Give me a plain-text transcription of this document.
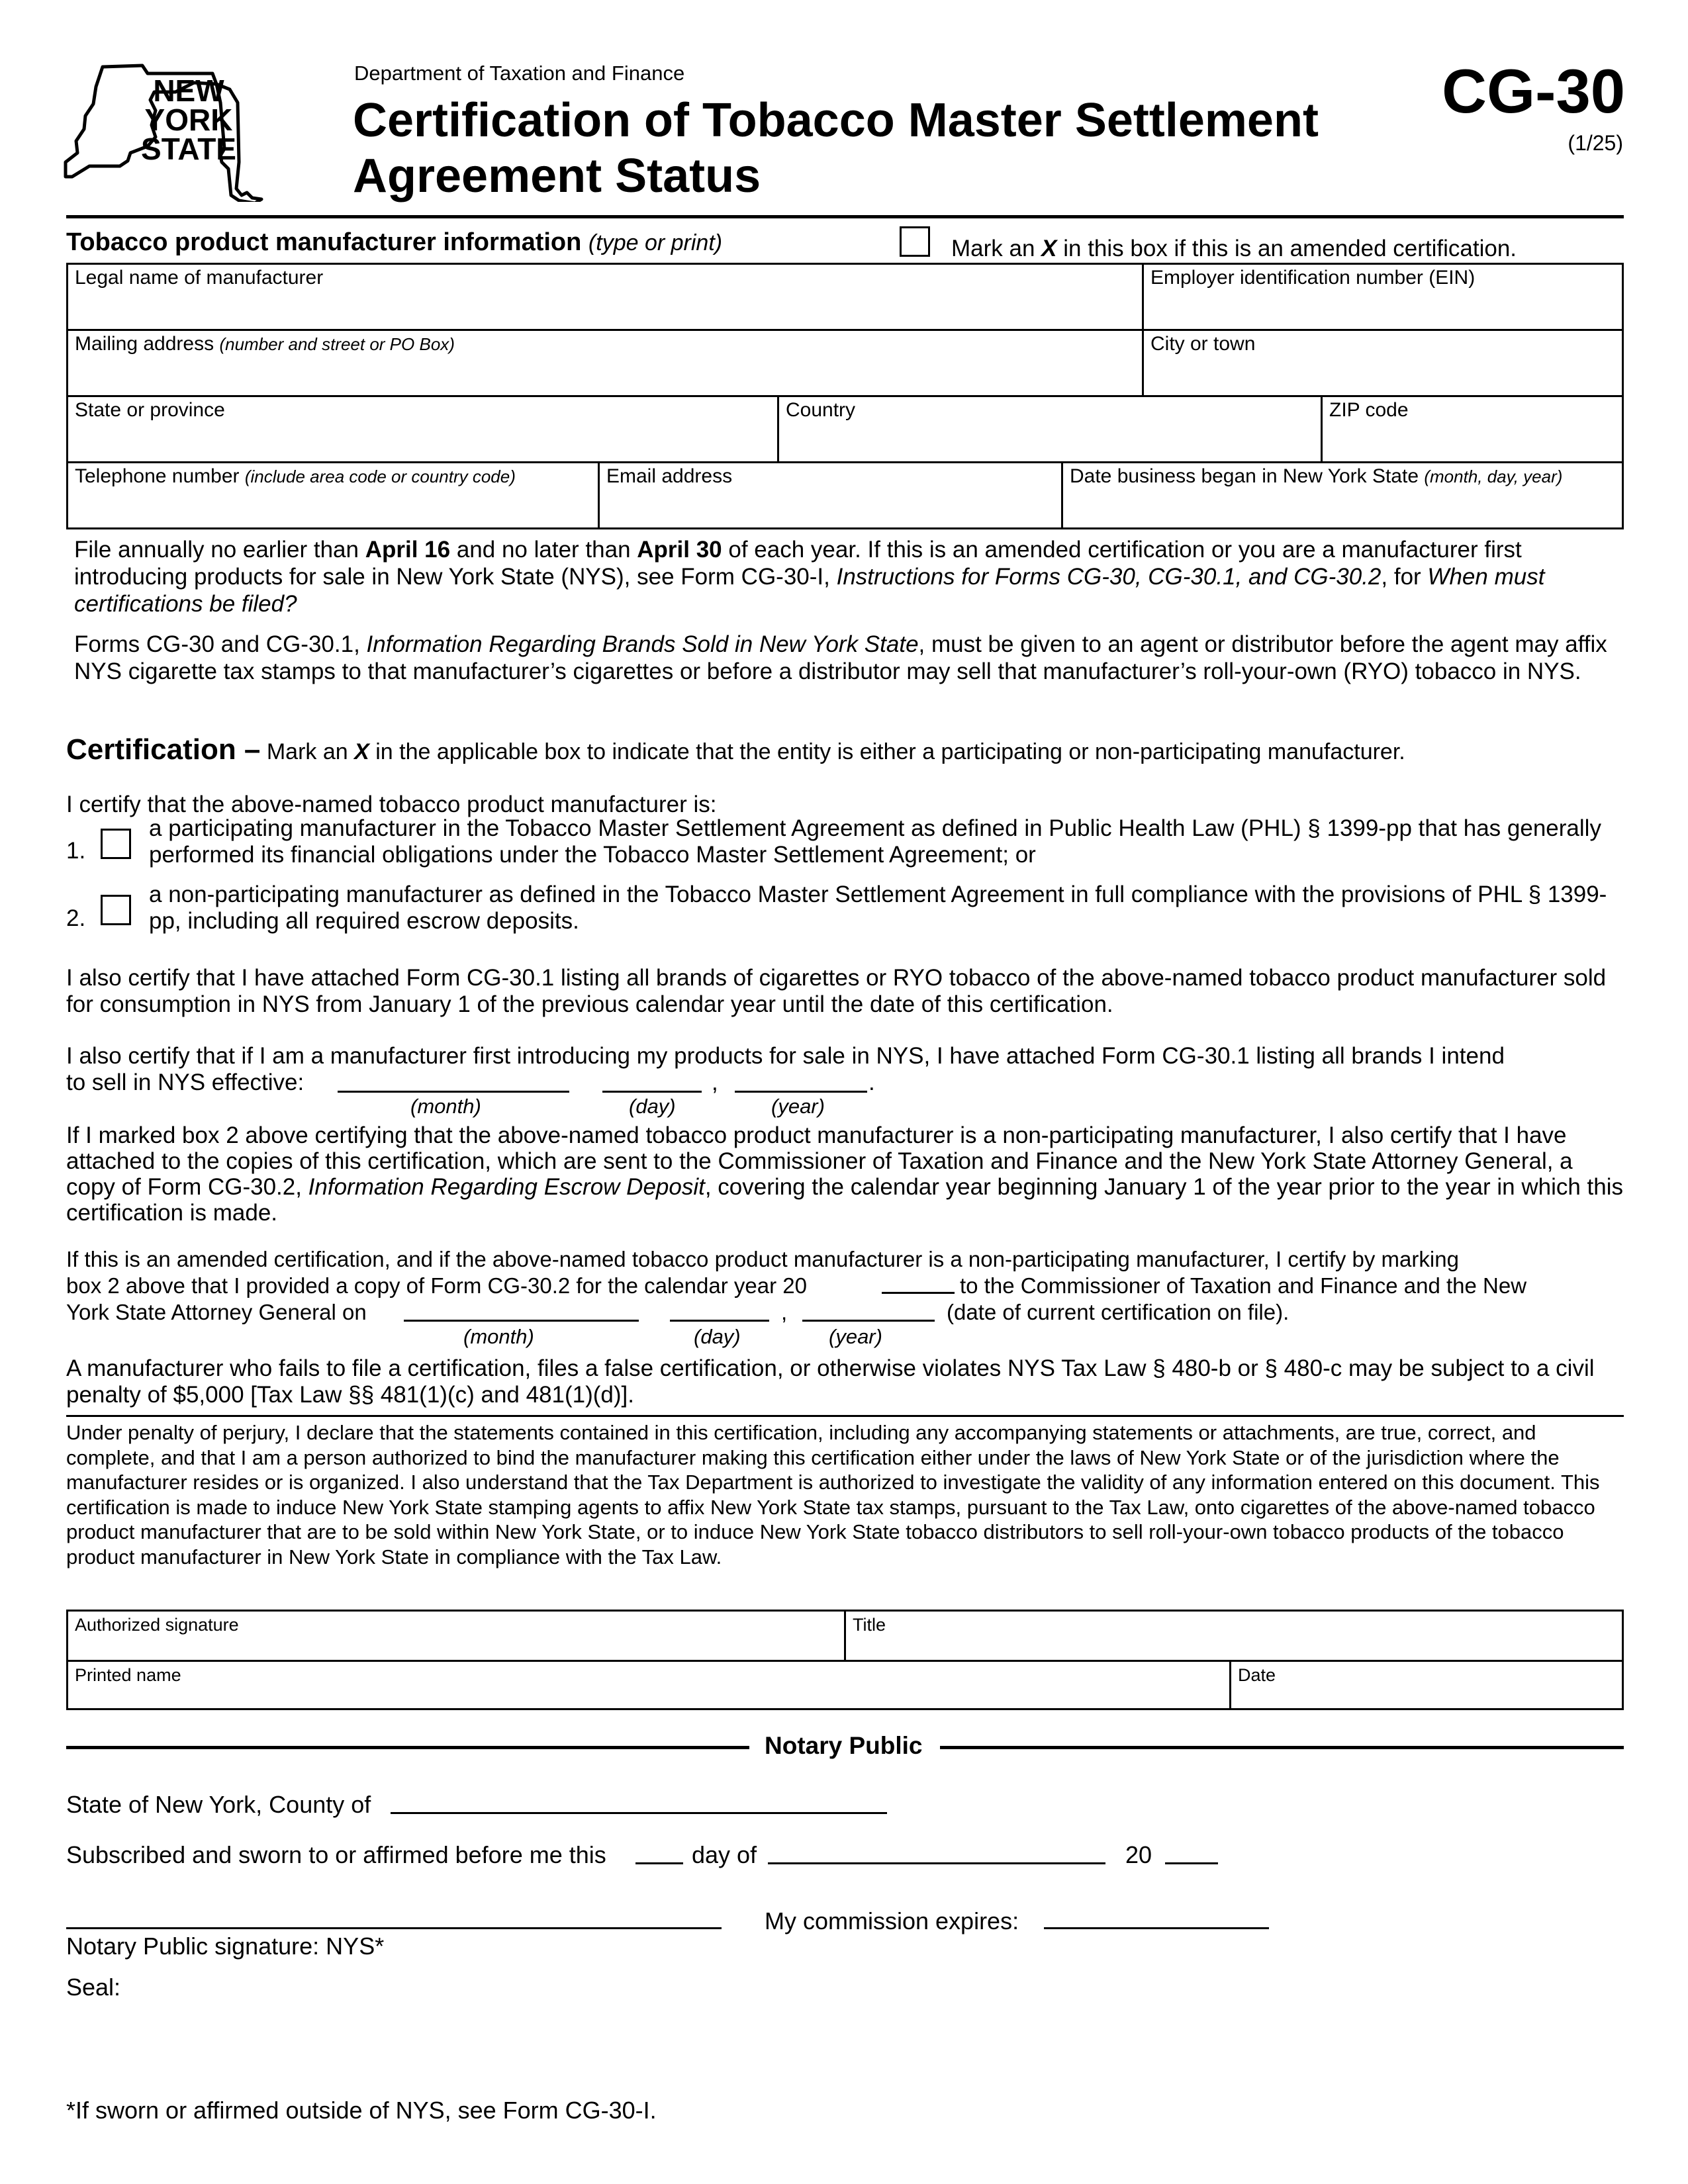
NEW
YORK
STATE
Department of Taxation and Finance
Certification of Tobacco Master Settlement
Agreement Status
CG-30
(1/25)
Tobacco product manufacturer information (type or print)	Mark an X in this box if this is an amended certification.
Legal name of manufacturer	Employer identification number (EIN)
Mailing address (number and street or PO Box)	City or town
State or province	Country	ZIP code
Telephone number (include area code or country code)	Email address	Date business began in New York State (month, day, year)

File annually no earlier than April 16 and no later than April 30 of each year. If this is an amended certification or you are a manufacturer first introducing products for sale in New York State (NYS), see Form CG-30-I, Instructions for Forms CG-30, CG-30.1, and CG-30.2, for When must certifications be filed?

Forms CG-30 and CG-30.1, Information Regarding Brands Sold in New York State, must be given to an agent or distributor before the agent may affix NYS cigarette tax stamps to that manufacturer’s cigarettes or before a distributor may sell that manufacturer’s roll-your-own (RYO) tobacco in NYS.

Certification – Mark an X in the applicable box to indicate that the entity is either a participating or non-participating manufacturer.
I certify that the above-named tobacco product manufacturer is:
1.
a participating manufacturer in the Tobacco Master Settlement Agreement as defined in Public Health Law (PHL) § 1399-pp that has generally performed its financial obligations under the Tobacco Master Settlement Agreement; or
2.
a non-participating manufacturer as defined in the Tobacco Master Settlement Agreement in full compliance with the provisions of PHL § 1399-pp, including all required escrow deposits.
I also certify that I have attached Form CG-30.1 listing all brands of cigarettes or RYO tobacco of the above-named tobacco product manufacturer sold for consumption in NYS from January 1 of the previous calendar year until the date of this certification.
I also certify that if I am a manufacturer first introducing my products for sale in NYS, I have attached Form CG-30.1 listing all brands I intend
to sell in NYS effective:	,	.
(month)	(day)	(year)
If I marked box 2 above certifying that the above-named tobacco product manufacturer is a non-participating manufacturer, I also certify that I have attached to the copies of this certification, which are sent to the Commissioner of Taxation and Finance and the New York State Attorney General, a copy of Form CG-30.2, Information Regarding Escrow Deposit, covering the calendar year beginning January 1 of the year prior to the year in which this certification is made.
If this is an amended certification, and if the above-named tobacco product manufacturer is a non-participating manufacturer, I certify by marking
box 2 above that I provided a copy of Form CG-30.2 for the calendar year 20	to the Commissioner of Taxation and Finance and the New
York State Attorney General on	,	(date of current certification on file).
(month)	(day)	(year)
A manufacturer who fails to file a certification, files a false certification, or otherwise violates NYS Tax Law § 480-b or § 480-c may be subject to a civil penalty of $5,000 [Tax Law §§ 481(1)(c) and 481(1)(d)].
Under penalty of perjury, I declare that the statements contained in this certification, including any accompanying statements or attachments, are true, correct, and complete, and that I am a person authorized to bind the manufacturer making this certification either under the laws of New York State or of the jurisdiction where the manufacturer resides or is organized. I also understand that the Tax Department is authorized to investigate the validity of any information entered on this document. This certification is made to induce New York State stamping agents to affix New York State tax stamps, pursuant to the Tax Law, onto cigarettes of the above-named tobacco product manufacturer that are to be sold within New York State, or to induce New York State tobacco distributors to sell roll-your-own tobacco products of the tobacco product manufacturer in New York State in compliance with the Tax Law.
Authorized signature	Title
Printed name	Date
Notary Public
State of New York, County of
Subscribed and sworn to or affirmed before me this	day of	20
My commission expires:
Notary Public signature: NYS*
Seal:
*If sworn or affirmed outside of NYS, see Form CG-30-I.
